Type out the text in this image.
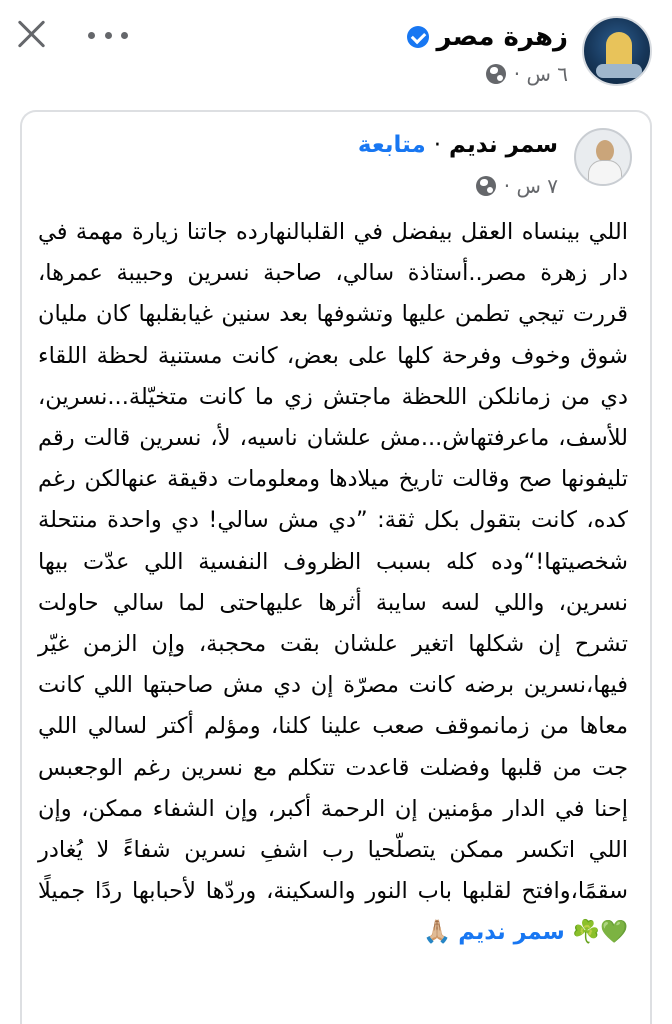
زهرة مصر
٦ س ·
سمر نديم
·
متابعة
٧ س ·

اللي بينساه العقل بيفضل في القلبالنهارده جاتنا زيارة مهمة في دار زهرة مصر..أستاذة سالي، صاحبة نسرين وحبيبة عمرها، قررت تيجي تطمن عليها وتشوفها بعد سنين غيابقلبها كان مليان شوق وخوف وفرحة كلها على بعض، كانت مستنية لحظة اللقاء دي من زمانلكن اللحظة ماجتش زي ما كانت متخيّلة...نسرين، للأسف، ماعرفتهاش...مش علشان ناسيه، لأ، نسرين قالت رقم تليفونها صح وقالت تاريخ ميلادها ومعلومات دقيقة عنهالكن رغم كده، كانت بتقول بكل ثقة: ”دي مش سالي! دي واحدة منتحلة شخصيتها!“وده كله بسبب الظروف النفسية اللي عدّت بيها نسرين، واللي لسه سايبة أثرها عليهاحتى لما سالي حاولت تشرح إن شكلها اتغير علشان بقت محجبة، وإن الزمن غيّر فيها،نسرين برضه كانت مصرّة إن دي مش صاحبتها اللي كانت معاها من زمانموقف صعب علينا كلنا، ومؤلم أكتر لسالي اللي جت من قلبها وفضلت قاعدت تتكلم مع نسرين رغم الوجعبس إحنا في الدار مؤمنين إن الرحمة أكبر، وإن الشفاء ممكن، وإن اللي اتكسر ممكن يتصلّحيا رب اشفِ نسرين شفاءً لا يُغادر سقمًا،وافتح لقلبها باب النور والسكينة، وردّها لأحبابها ردًا جميلًا 💚☘️ سمر نديم 🙏🏼
